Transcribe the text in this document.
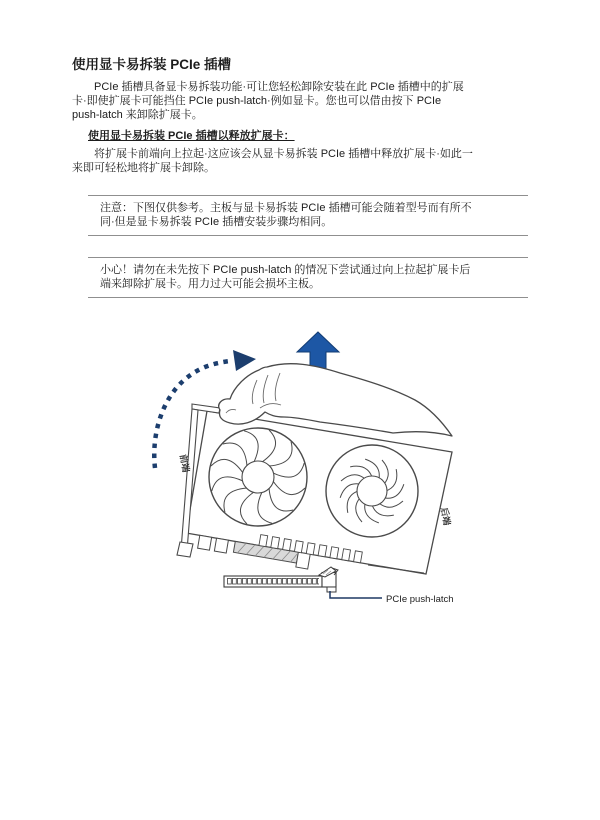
使用显卡易拆装 PCIe 插槽
PCIe 插槽具备显卡易拆装功能·可让您轻松卸除安装在此 PCIe 插槽中的扩展
卡·即使扩展卡可能挡住 PCIe push-latch·例如显卡。您也可以借由按下 PCIe
push-latch 来卸除扩展卡。
使用显卡易拆装 PCIe 插槽以释放扩展卡：
将扩展卡前端向上拉起·这应该会从显卡易拆装 PCIe 插槽中释放扩展卡·如此一
来即可轻松地将扩展卡卸除。
注意：下图仅供参考。主板与显卡易拆装 PCIe 插槽可能会随着型号而有所不
同·但是显卡易拆装 PCIe 插槽安装步骤均相同。
小心！请勿在未先按下 PCIe push-latch 的情况下尝试通过向上拉起扩展卡后
端来卸除扩展卡。用力过大可能会损坏主板。
PCIe push-latch
前端
后端
